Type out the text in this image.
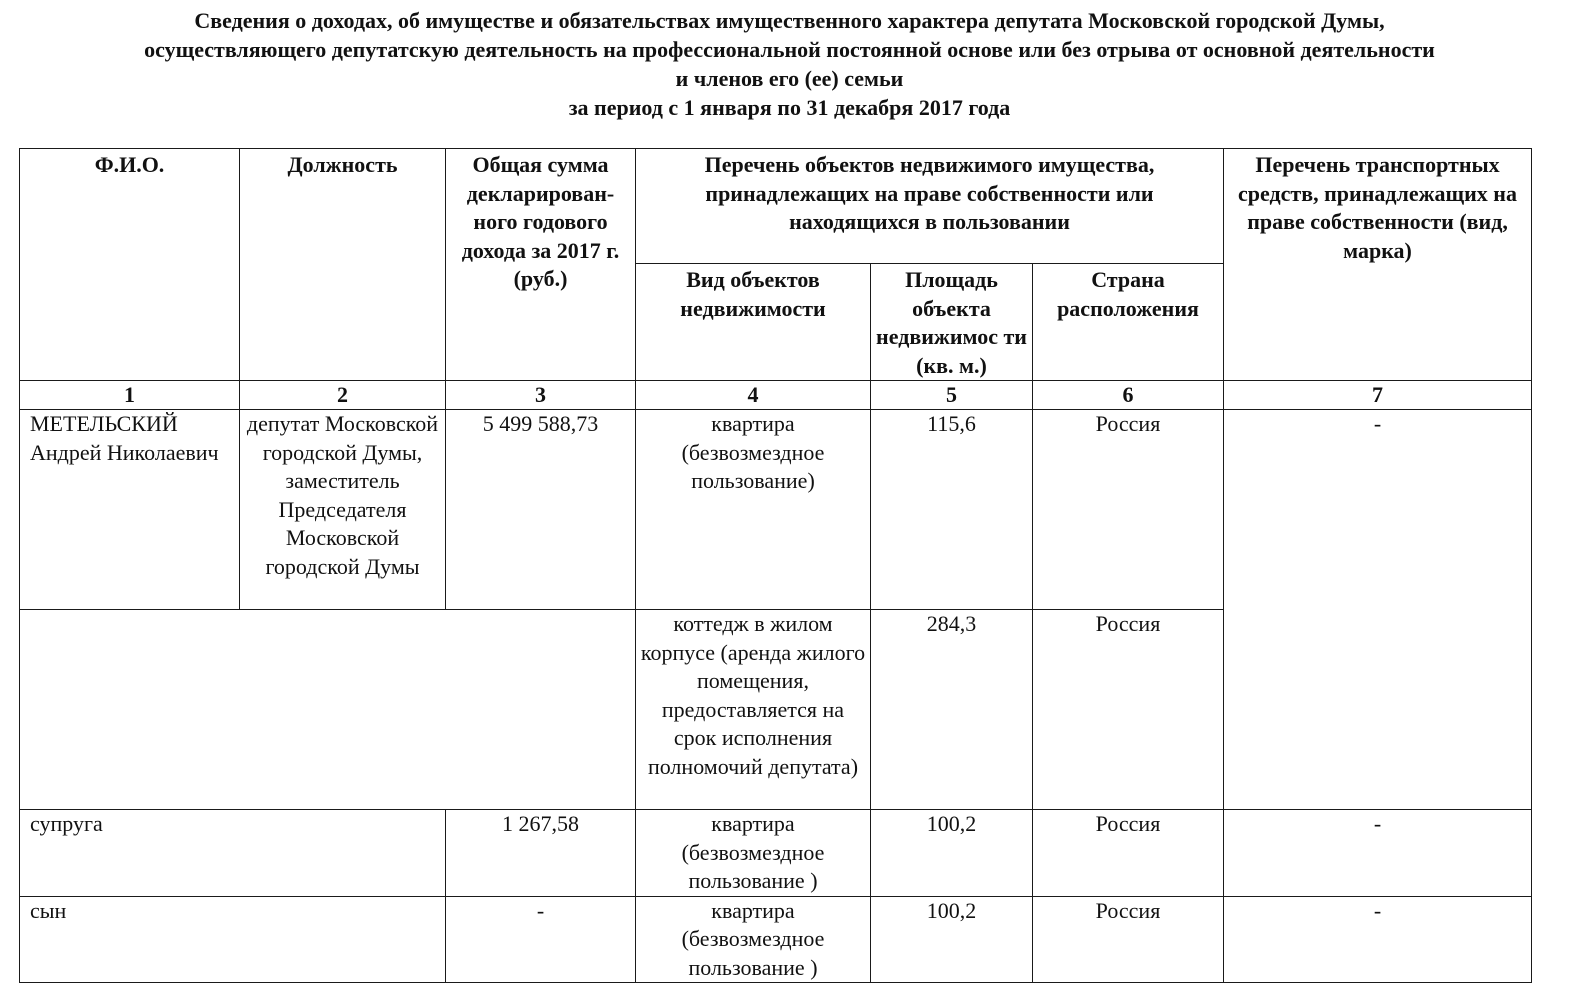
Сведения о доходах, об имуществе и обязательствах имущественного характера депутата Московской городской Думы,
осуществляющего депутатскую деятельность на профессиональной постоянной основе или без отрыва от основной деятельности
и членов его (ее) семьи
за период с 1 января по 31 декабря 2017 года
Ф.И.О.	Должность	Общая сумма декларирован-ного годового дохода за 2017 г. (руб.)	Перечень объектов недвижимого имущества, принадлежащих на праве собственности или находящихся в пользовании			Перечень транспортных средств, принадлежащих на праве собственности (вид, марка)
			Вид объектов недвижимости	Площадь объекта недвижимос ти (кв. м.)	Страна расположения	
1	2	3	4	5	6	7
МЕТЕЛЬСКИЙ Андрей Николаевич	депутат Московской городской Думы, заместитель Председателя Московской городской Думы	5 499 588,73	квартира (безвозмездное пользование)	115,6	Россия	-
			коттедж в жилом корпусе (аренда жилого помещения, предоставляется на срок исполнения полномочий депутата)	284,3	Россия	
супруга		1 267,58	квартира (безвозмездное пользование )	100,2	Россия	-
сын		-	квартира (безвозмездное пользование )	100,2	Россия	-
